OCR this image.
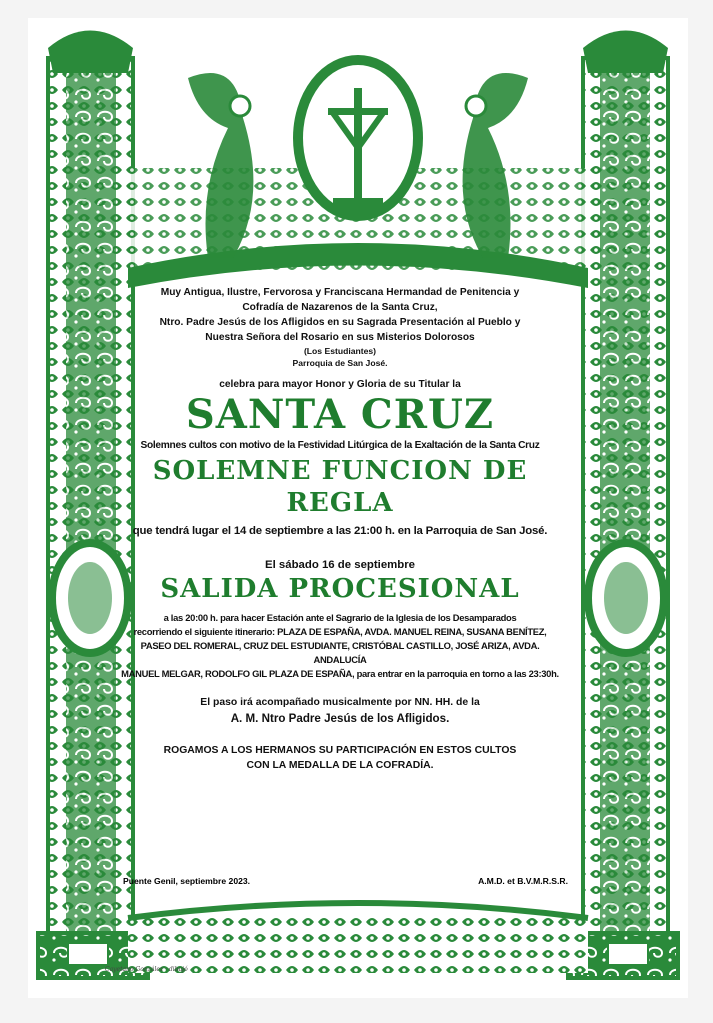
Muy Antigua, Ilustre, Fervorosa y Franciscana Hermandad de Penitencia y
Cofradía de Nazarenos de la Santa Cruz,
Ntro. Padre Jesús de los Afligidos en su Sagrada Presentación al Pueblo y
Nuestra Señora del Rosario en sus Misterios Dolorosos
(Los Estudiantes)
Parroquia de San José.
celebra para mayor Honor y Gloria de su Titular la
SANTA CRUZ
Solemnes cultos con motivo de la Festividad Litúrgica de la Exaltación de la Santa Cruz
SOLEMNE FUNCION DE REGLA
que tendrá lugar el 14 de septiembre a las 21:00 h. en la Parroquia de San José.
El sábado 16 de septiembre
SALIDA PROCESIONAL
a las 20:00 h. para hacer Estación ante el Sagrario de la Iglesia de los Desamparados
recorriendo el siguiente itinerario: PLAZA DE ESPAÑA, AVDA. MANUEL REINA, SUSANA BENÍTEZ,
PASEO DEL ROMERAL, CRUZ DEL ESTUDIANTE, CRISTÓBAL CASTILLO, JOSÉ ARIZA, AVDA. ANDALUCÍA
MANUEL MELGAR, RODOLFO GIL PLAZA DE ESPAÑA, para entrar en la parroquia en torno a las 23:30h.
El paso irá acompañado musicalmente por NN. HH. de la
A. M. Ntro Padre Jesús de los Afligidos.
ROGAMOS A LOS HERMANOS SU PARTICIPACIÓN EN ESTOS CULTOS
CON LA MEDALLA DE LA COFRADÍA.
Puente Genil, septiembre 2023.	A.M.D. et B.V.M.R.S.R.
Cayetano González · dibujó
